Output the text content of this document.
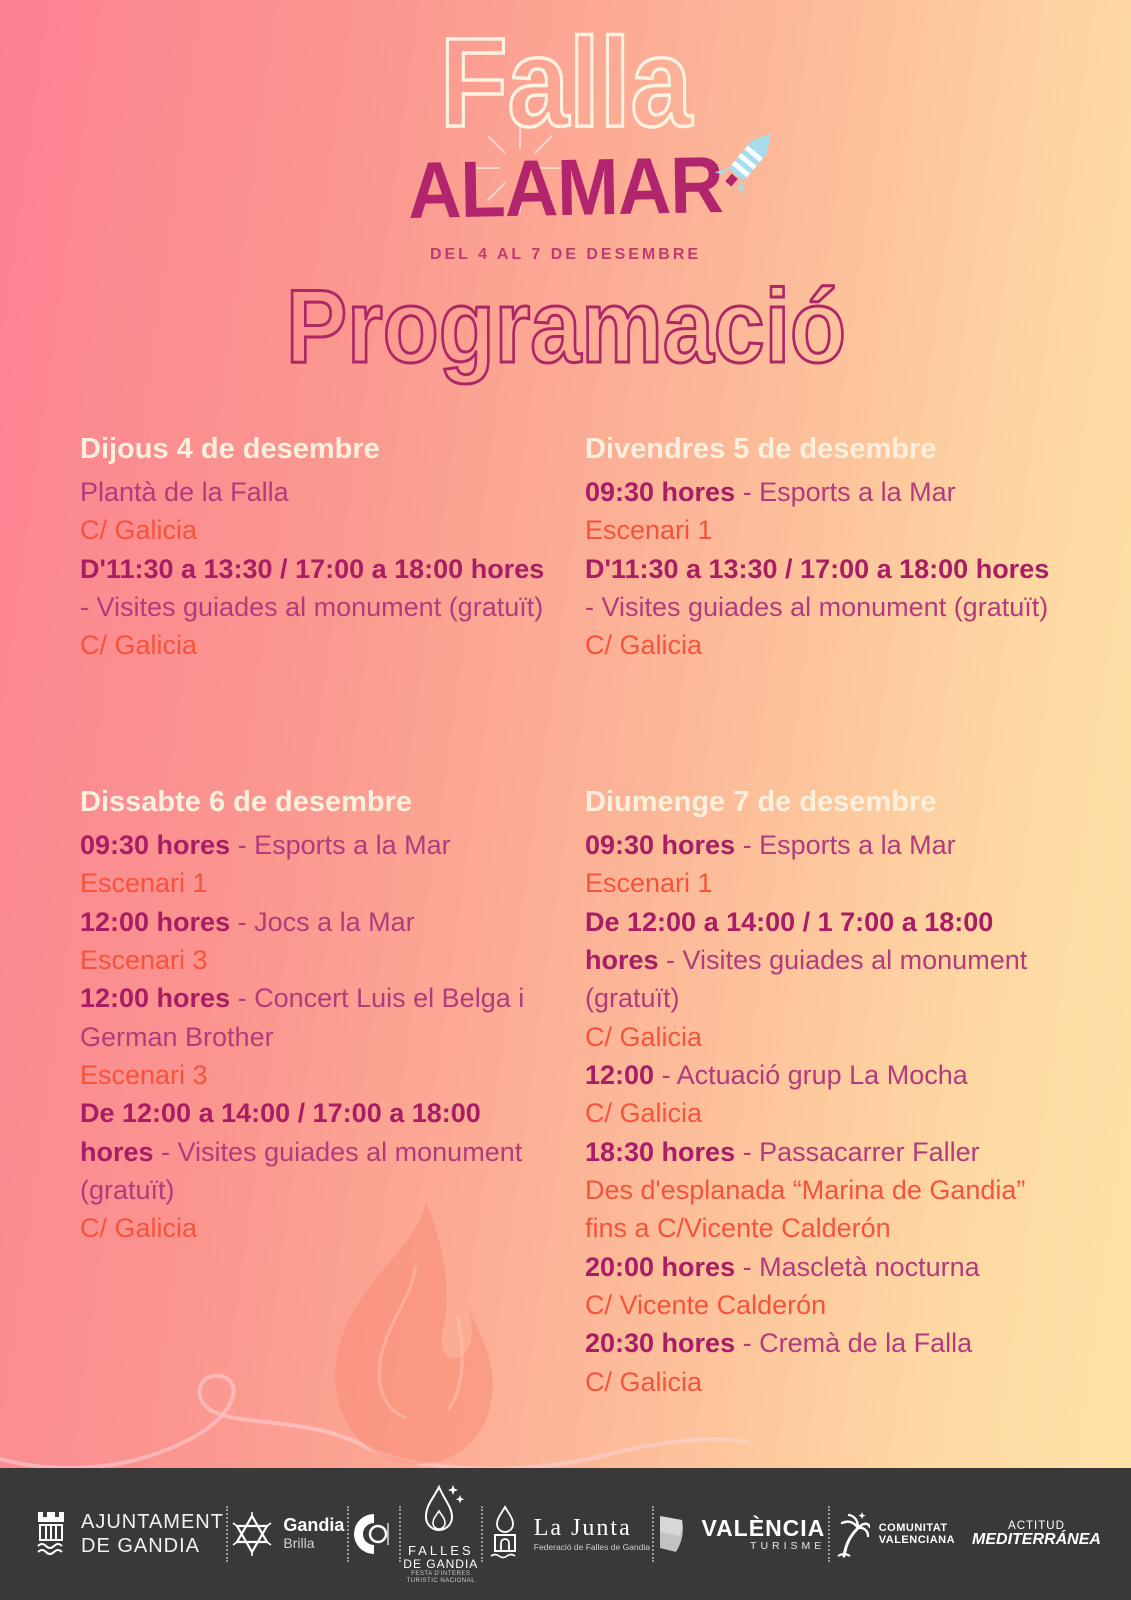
Falla
ALAMAR
DEL 4 AL 7 DE DESEMBRE
Programació
Dijous 4 de desembre

Plantà de la Falla

C/ Galicia

D'11:30 a 13:30 / 17:00 a 18:00 hores - Visites guiades al monument (gratuït)

C/ Galicia

Divendres 5 de desembre

09:30 hores - Esports a la Mar

Escenari 1

D'11:30 a 13:30 / 17:00 a 18:00 hores - Visites guiades al monument (gratuït)

C/ Galicia

Dissabte 6 de desembre

09:30 hores - Esports a la Mar

Escenari 1

12:00 hores - Jocs a la Mar

Escenari 3

12:00 hores - Concert Luis el Belga i German Brother

Escenari 3

De 12:00 a 14:00 / 17:00 a 18:00 hores - Visites guiades al monument (gratuït)

C/ Galicia

Diumenge 7 de desembre

09:30 hores - Esports a la Mar

Escenari 1

De 12:00 a 14:00 / 1 7:00 a 18:00 hores - Visites guiades al monument (gratuït)

C/ Galicia

12:00 - Actuació grup La Mocha

C/ Galicia

18:30 hores - Passacarrer Faller

Des d'esplanada “Marina de Gandia” fins a C/Vicente Calderón

20:00 hores - Mascletà nocturna

C/ Vicente Calderón

20:30 hores - Cremà de la Falla

C/ Galicia

AJUNTAMENT
DE GANDIA
Gandia
Brilla	FALLES
DE GANDIA
FESTA D'INTERES
TURISTIC NACIONAL
La Junta
Federació de Falles de Gandia
VALÈNCIA
TURISME
COMUNITAT
VALENCIANA
ACTITUD
MEDITERRÁNEA
